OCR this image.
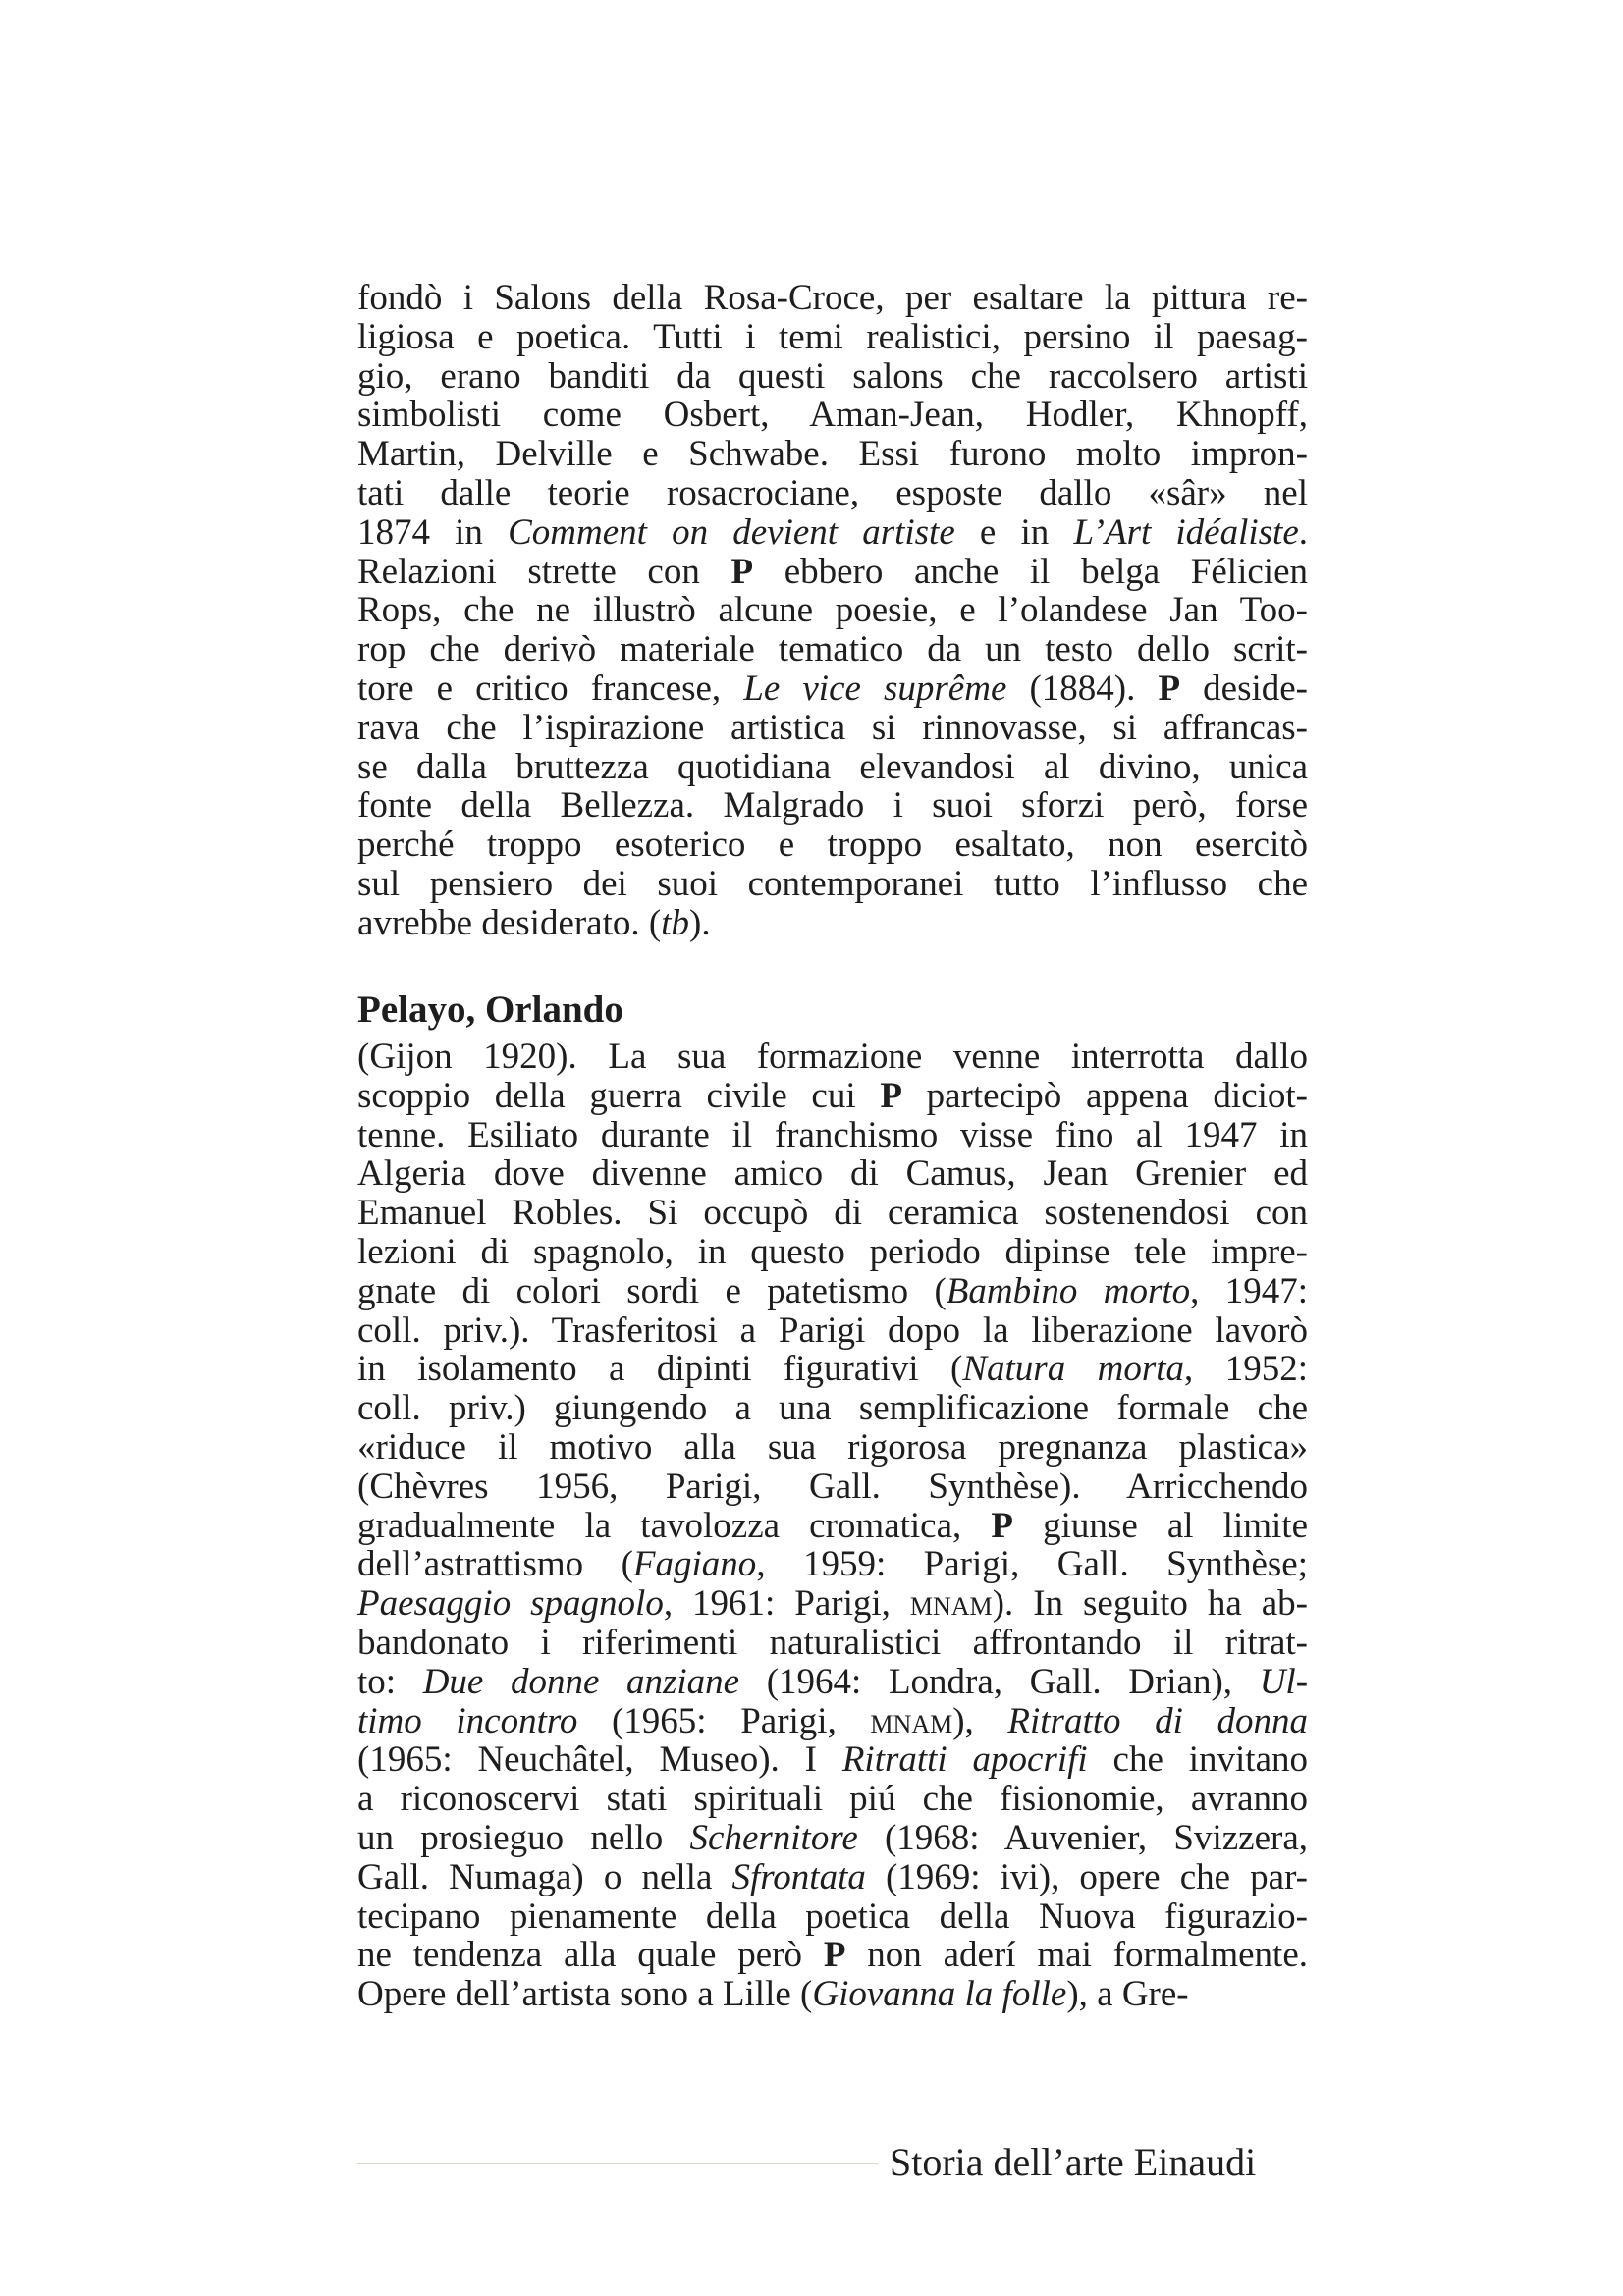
fondò i Salons della Rosa-Croce, per esaltare la pittura re-
ligiosa e poetica. Tutti i temi realistici, persino il paesag-
gio, erano banditi da questi salons che raccolsero artisti
simbolisti come Osbert, Aman-Jean, Hodler, Khnopff,
Martin, Delville e Schwabe. Essi furono molto impron-
tati dalle teorie rosacrociane, esposte dallo «sâr» nel
1874 in Comment on devient artiste e in L’Art idéaliste.
Relazioni strette con P ebbero anche il belga Félicien
Rops, che ne illustrò alcune poesie, e l’olandese Jan Too-
rop che derivò materiale tematico da un testo dello scrit-
tore e critico francese, Le vice suprême (1884). P deside-
rava che l’ispirazione artistica si rinnovasse, si affrancas-
se dalla bruttezza quotidiana elevandosi al divino, unica
fonte della Bellezza. Malgrado i suoi sforzi però, forse
perché troppo esoterico e troppo esaltato, non esercitò
sul pensiero dei suoi contemporanei tutto l’influsso che
avrebbe desiderato. (tb).
Pelayo, Orlando
(Gijon 1920). La sua formazione venne interrotta dallo
scoppio della guerra civile cui P partecipò appena diciot-
tenne. Esiliato durante il franchismo visse fino al 1947 in
Algeria dove divenne amico di Camus, Jean Grenier ed
Emanuel Robles. Si occupò di ceramica sostenendosi con
lezioni di spagnolo, in questo periodo dipinse tele impre-
gnate di colori sordi e patetismo (Bambino morto, 1947:
coll. priv.). Trasferitosi a Parigi dopo la liberazione lavorò
in isolamento a dipinti figurativi (Natura morta, 1952:
coll. priv.) giungendo a una semplificazione formale che
«riduce il motivo alla sua rigorosa pregnanza plastica»
(Chèvres 1956, Parigi, Gall. Synthèse). Arricchendo
gradualmente la tavolozza cromatica, P giunse al limite
dell’astrattismo (Fagiano, 1959: Parigi, Gall. Synthèse;
Paesaggio spagnolo, 1961: Parigi, mnam). In seguito ha ab-
bandonato i riferimenti naturalistici affrontando il ritrat-
to: Due donne anziane (1964: Londra, Gall. Drian), Ul-
timo incontro (1965: Parigi, mnam), Ritratto di donna
(1965: Neuchâtel, Museo). I Ritratti apocrifi che invitano
a riconoscervi stati spirituali piú che fisionomie, avranno
un prosieguo nello Schernitore (1968: Auvenier, Svizzera,
Gall. Numaga) o nella Sfrontata (1969: ivi), opere che par-
tecipano pienamente della poetica della Nuova figurazio-
ne tendenza alla quale però P non aderí mai formalmente.
Opere dell’artista sono a Lille (Giovanna la folle), a Gre-
Storia dell’arte Einaudi
